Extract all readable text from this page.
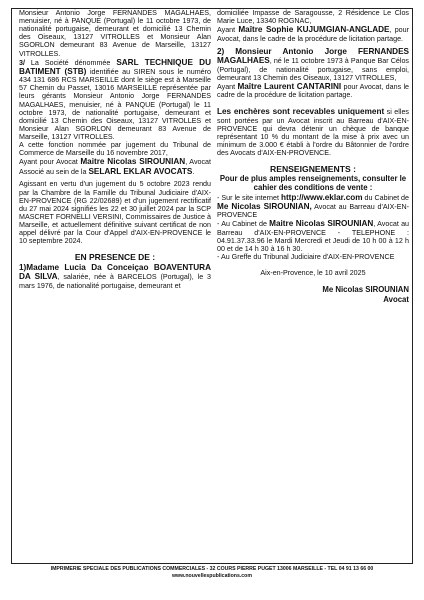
Monsieur Antonio Jorge FERNANDES MAGALHAES, menuisier, né à PANQUE (Portugal) le 11 octobre 1973, de nationalité portugaise, demeurant et domicilié 13 Chemin des Oiseaux, 13127 VITROLLES et Monsieur Alan SGORLON demeurant 83 Avenue de Marseille, 13127 VITROLLES.

3/ La Société dénommée SARL TECHNIQUE DU BATIMENT (STB) identifiée au SIREN sous le numéro 434 131 686 RCS MARSEILLE dont le siège est à Marseille 57 Chemin du Passet, 13016 MARSEILLE représentée par leurs gérants Monsieur Antonio Jorge FERNANDES MAGALHAES, menuisier, né à PANQUE (Portugal) le 11 octobre 1973, de nationalité portugaise, demeurant et domicilié 13 Chemin des Oiseaux, 13127 VITROLLES et Monsieur Alan SGORLON demeurant 83 Avenue de Marseille, 13127 VITROLLES.

A cette fonction nommée par jugement du Tribunal de Commerce de Marseille du 16 novembre 2017,

Ayant pour Avocat Maitre Nicolas SIROUNIAN, Avocat Associé au sein de la SELARL EKLAR AVOCATS.

Agissant en vertu d'un jugement du 5 octobre 2023 rendu par la Chambre de la Famille du Tribunal Judiciaire d'AIX-EN-PROVENCE (RG 22/02689) et d'un jugement rectificatif du 27 mai 2024 signifiés les 22 et 30 juillet 2024 par la SCP MASCRET FORNELLI VERSINI, Commissaires de Justice à Marseille, et actuellement définitive suivant certificat de non appel délivré par la Cour d'Appel d'AIX-EN-PROVENCE le 10 septembre 2024.

EN PRESENCE DE :

1)Madame Lucia Da Conceiçao BOAVENTURA DA SILVA, salariée, née à BARCELOS (Portugal), le 3 mars 1976, de nationalité portugaise, demeurant et

domiciliée Impasse de Saragousse, 2 Résidence Le Clos Marie Luce, 13340 ROGNAC,

Ayant Maître Sophie KUJUMGIAN-ANGLADE, pour Avocat, dans le cadre de la procédure de licitation partage.

2) Monsieur Antonio Jorge FERNANDES MAGALHAES, né le 11 octobre 1973 à Panque Bar Célos (Portugal), de nationalité portugaise, sans emploi, demeurant 13 Chemin des Oiseaux, 13127 VITROLLES,

Ayant Maître Laurent CANTARINI pour Avocat, dans le cadre de la procédure de licitation partage.

Les enchères sont recevables uniquement si elles sont portées par un Avocat inscrit au Barreau d'AIX-EN-PROVENCE qui devra détenir un chèque de banque représentant 10 % du montant de la mise à prix avec un minimum de 3.000 € établi à l'ordre du Bâtonnier de l'ordre des Avocats d'AIX-EN-PROVENCE.

RENSEIGNEMENTS :

Pour de plus amples renseignements, consulter le cahier des conditions de vente :

- Sur le site internet http://www.eklar.com du Cabinet de Me Nicolas SIROUNIAN, Avocat au Barreau d'AIX-EN-PROVENCE

- Au Cabinet de Maitre Nicolas SIROUNIAN, Avocat au Barreau d'AIX-EN-PROVENCE - TELEPHONE : 04.91.37.33.96 le Mardi Mercredi et Jeudi de 10 h 00 à 12 h 00 et de 14 h 30 à 16 h 30.

- Au Greffe du Tribunal Judiciaire d'AIX-EN-PROVENCE

Aix-en-Provence, le 10 avril 2025

Me Nicolas SIROUNIAN

Avocat

IMPRIMERIE SPECIALE DES PUBLICATIONS COMMERCIALES - 32 COURS PIERRE PUGET 13006 MARSEILLE - TEL 04 91 13 66 00
www.nouvellespublications.com
